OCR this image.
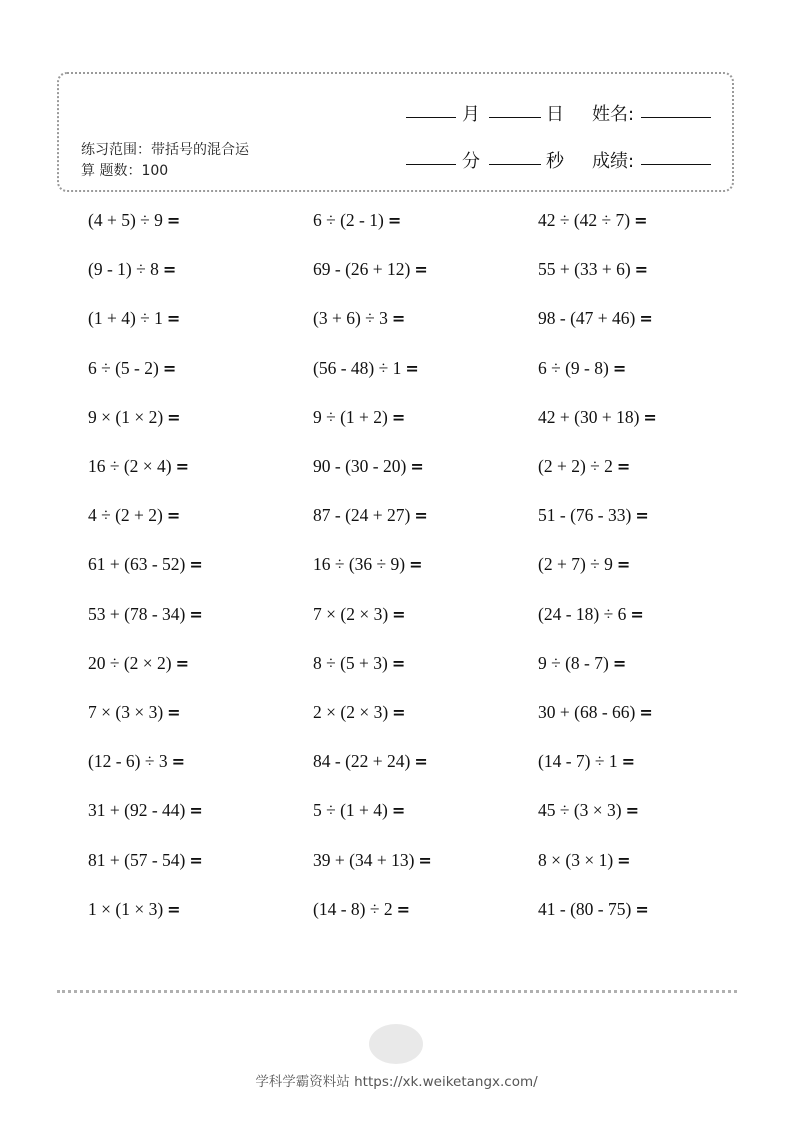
练习范围：带括号的混合运
算 题数：100
月	日 姓名:
分	秒 成绩:
(4 + 5) ÷ 9 =
(9 - 1) ÷ 8 =
(1 + 4) ÷ 1 =
6 ÷ (5 - 2) =
9 × (1 × 2) =
16 ÷ (2 × 4) =
4 ÷ (2 + 2) =
61 + (63 - 52) =
53 + (78 - 34) =
20 ÷ (2 × 2) =
7 × (3 × 3) =
(12 - 6) ÷ 3 =
31 + (92 - 44) =
81 + (57 - 54) =
1 × (1 × 3) =
6 ÷ (2 - 1) =
69 - (26 + 12) =
(3 + 6) ÷ 3 =
(56 - 48) ÷ 1 =
9 ÷ (1 + 2) =
90 - (30 - 20) =
87 - (24 + 27) =
16 ÷ (36 ÷ 9) =
7 × (2 × 3) =
8 ÷ (5 + 3) =
2 × (2 × 3) =
84 - (22 + 24) =
5 ÷ (1 + 4) =
39 + (34 + 13) =
(14 - 8) ÷ 2 =
42 ÷ (42 ÷ 7) =
55 + (33 + 6) =
98 - (47 + 46) =
6 ÷ (9 - 8) =
42 + (30 + 18) =
(2 + 2) ÷ 2 =
51 - (76 - 33) =
(2 + 7) ÷ 9 =
(24 - 18) ÷ 6 =
9 ÷ (8 - 7) =
30 + (68 - 66) =
(14 - 7) ÷ 1 =
45 ÷ (3 × 3) =
8 × (3 × 1) =
41 - (80 - 75) =
学科学霸资料站 https://xk.weiketangx.com/
